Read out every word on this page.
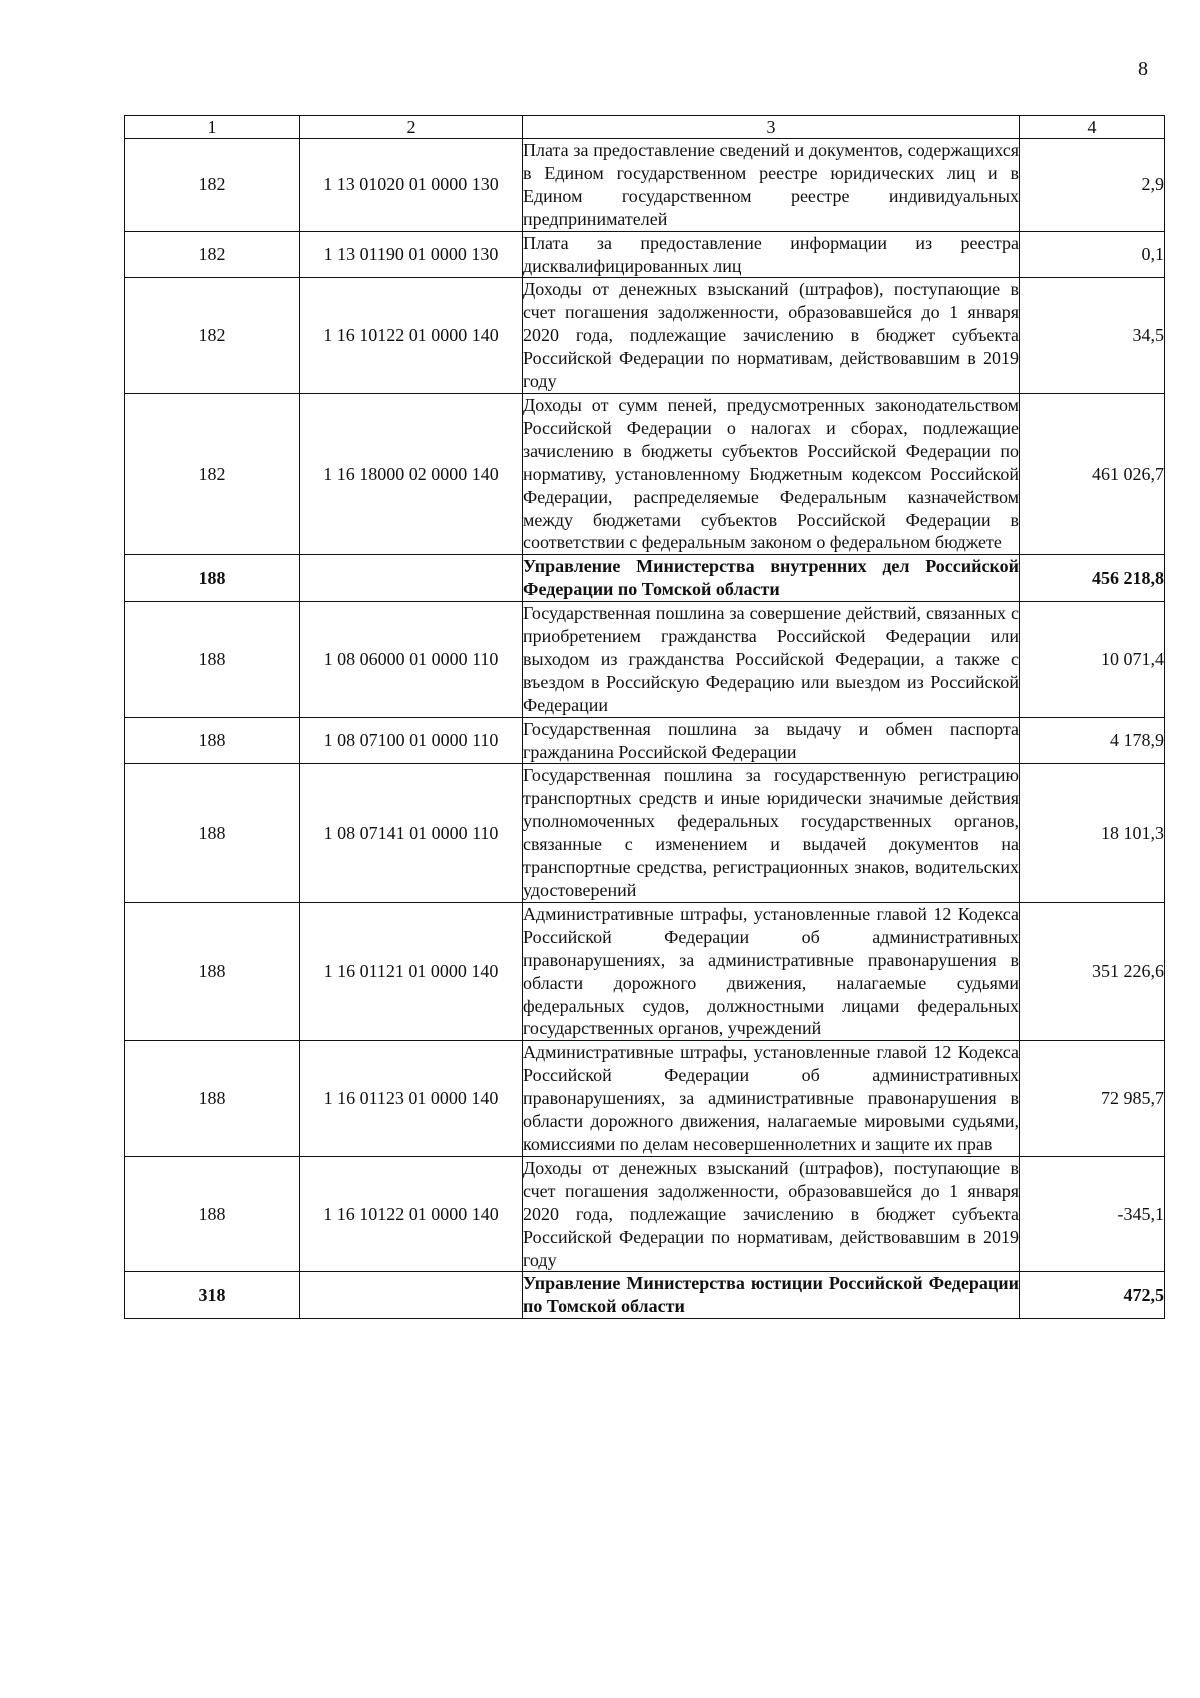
8
1	2	3	4
182	1 13 01020 01 0000 130	Плата за предоставление сведений и документов, содержащихся в Едином государственном реестре юридических лиц и в Едином государственном реестре индивидуальных предпринимателей	2,9
182	1 13 01190 01 0000 130	Плата за предоставление информации из реестра дисквалифицированных лиц	0,1
182	1 16 10122 01 0000 140	Доходы от денежных взысканий (штрафов), поступающие в счет погашения задолженности, образовавшейся до 1 января 2020 года, подлежащие зачислению в бюджет субъекта Российской Федерации по нормативам, действовавшим в 2019 году	34,5
182	1 16 18000 02 0000 140	Доходы от сумм пеней, предусмотренных законодательством Российской Федерации о налогах и сборах, подлежащие зачислению в бюджеты субъектов Российской Федерации по нормативу, установленному Бюджетным кодексом Российской Федерации, распределяемые Федеральным казначейством между бюджетами субъектов Российской Федерации в соответствии с федеральным законом о федеральном бюджете	461 026,7
188		Управление Министерства внутренних дел Российской Федерации по Томской области	456 218,8
188	1 08 06000 01 0000 110	Государственная пошлина за совершение действий, связанных с приобретением гражданства Российской Федерации или выходом из гражданства Российской Федерации, а также с въездом в Российскую Федерацию или выездом из Российской Федерации	10 071,4
188	1 08 07100 01 0000 110	Государственная пошлина за выдачу и обмен паспорта гражданина Российской Федерации	4 178,9
188	1 08 07141 01 0000 110	Государственная пошлина за государственную регистрацию транспортных средств и иные юридически значимые действия уполномоченных федеральных государственных органов, связанные с изменением и выдачей документов на транспортные средства, регистрационных знаков, водительских удостоверений	18 101,3
188	1 16 01121 01 0000 140	Административные штрафы, установленные главой 12 Кодекса Российской Федерации об административных правонарушениях, за административные правонарушения в области дорожного движения, налагаемые судьями федеральных судов, должностными лицами федеральных государственных органов, учреждений	351 226,6
188	1 16 01123 01 0000 140	Административные штрафы, установленные главой 12 Кодекса Российской Федерации об административных правонарушениях, за административные правонарушения в области дорожного движения, налагаемые мировыми судьями, комиссиями по делам несовершеннолетних и защите их прав	72 985,7
188	1 16 10122 01 0000 140	Доходы от денежных взысканий (штрафов), поступающие в счет погашения задолженности, образовавшейся до 1 января 2020 года, подлежащие зачислению в бюджет субъекта Российской Федерации по нормативам, действовавшим в 2019 году	-345,1
318		Управление Министерства юстиции Российской Федерации по Томской области	472,5
